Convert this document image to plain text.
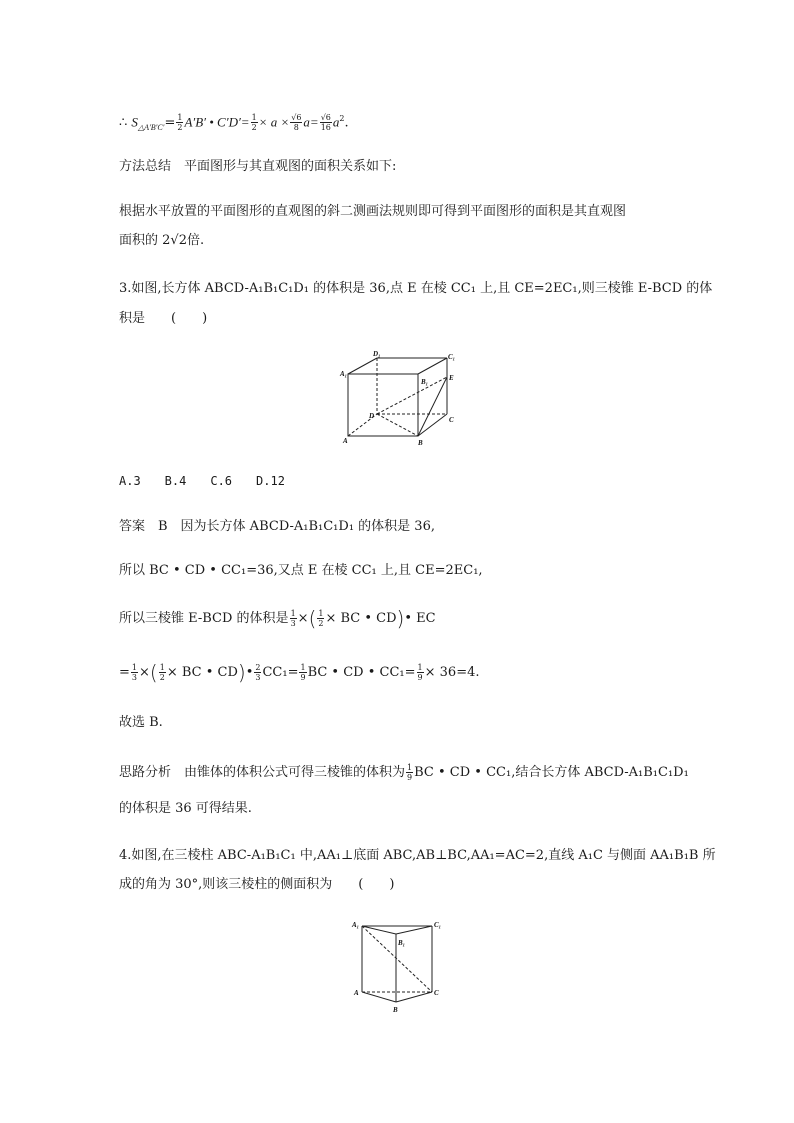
∴ $S_{\triangle A'B'C'}= \frac{1}{2} A'B'$ • $C'D'= \frac{1}{2} \times a \times \frac{√6}{8} a= \frac{√6}{16} a^2$.
方法总结　平面图形与其直观图的面积关系如下:
根据水平放置的平面图形的直观图的斜二测画法规则即可得到平面图形的面积是其直观图
面积的 2√2倍.
3.如图,长方体 ABCD-A₁B₁C₁D₁ 的体积是 36,点 E 在棱 CC₁ 上,且 CE=2EC₁,则三棱锥 E-BCD 的体
积是　　(　　)
D₁	C₁
A₁
B₁	E
D	C
A	B
A.3　　B.4　　C.6　　D.12
答案　B　因为长方体 ABCD-A₁B₁C₁D₁ 的体积是 36,
所以 BC • CD • CC₁=36,又点 E 在棱 CC₁ 上,且 CE=2EC₁,
所以三棱锥 E-BCD 的体积是 $\frac{1}{3}$ ×( $\frac{1}{2}$ × BC • CD)• EC
= $\frac{1}{3}$ ×( $\frac{1}{2}$ × BC • CD)• $\frac{2}{3} CC_1= \frac{1}{9}$ BC • CD • $CC_1= \frac{1}{9} \times 36=4$.
故选 B.
思路分析　由锥体的体积公式可得三棱锥的体积为 $\frac{1}{9}$ BC • CD • CC₁,结合长方体 ABCD-A₁B₁C₁D₁
的体积是 36 可得结果.
4.如图,在三棱柱 ABC-A₁B₁C₁ 中,AA₁⊥底面 ABC,AB⊥BC,AA₁=AC=2,直线 A₁C 与侧面 AA₁B₁B 所
成的角为 30°,则该三棱柱的侧面积为　　(　　)
A₁	C₁
B₁
A	C
B
